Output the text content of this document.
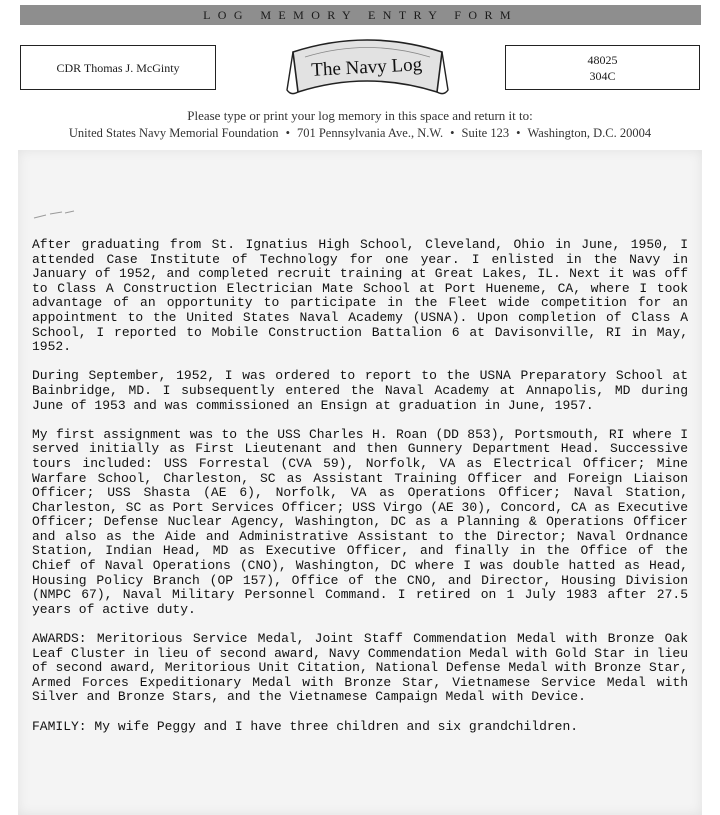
LOG MEMORY ENTRY FORM
CDR Thomas J. McGinty	The Navy Log	48025
304C
Please type or print your log memory in this space and return it to:
United States Navy Memorial Foundation • 701 Pennsylvania Ave., N.W. • Suite 123 • Washington, D.C. 20004

After graduating from St. Ignatius High School, Cleveland, Ohio in June, 1950, I attended Case Institute of Technology for one year. I enlisted in the Navy in January of 1952, and completed recruit training at Great Lakes, IL. Next it was off to Class A Construction Electrician Mate School at Port Hueneme, CA, where I took advantage of an opportunity to participate in the Fleet wide competition for an appointment to the United States Naval Academy (USNA). Upon completion of Class A School, I reported to Mobile Construction Battalion 6 at Davisonville, RI in May, 1952.

During September, 1952, I was ordered to report to the USNA Preparatory School at Bainbridge, MD. I subsequently entered the Naval Academy at Annapolis, MD during June of 1953 and was commissioned an Ensign at graduation in June, 1957.

My first assignment was to the USS Charles H. Roan (DD 853), Portsmouth, RI where I served initially as First Lieutenant and then Gunnery Department Head. Successive tours included: USS Forrestal (CVA 59), Norfolk, VA as Electrical Officer; Mine Warfare School, Charleston, SC as Assistant Training Officer and Foreign Liaison Officer; USS Shasta (AE 6), Norfolk, VA as Operations Officer; Naval Station, Charleston, SC as Port Services Officer; USS Virgo (AE 30), Concord, CA as Executive Officer; Defense Nuclear Agency, Washington, DC as a Planning & Operations Officer and also as the Aide and Administrative Assistant to the Director; Naval Ordnance Station, Indian Head, MD as Executive Officer, and finally in the Office of the Chief of Naval Operations (CNO), Washington, DC where I was double hatted as Head, Housing Policy Branch (OP 157), Office of the CNO, and Director, Housing Division (NMPC 67), Naval Military Personnel Command. I retired on 1 July 1983 after 27.5 years of active duty.

AWARDS: Meritorious Service Medal, Joint Staff Commendation Medal with Bronze Oak Leaf Cluster in lieu of second award, Navy Commendation Medal with Gold Star in lieu of second award, Meritorious Unit Citation, National Defense Medal with Bronze Star, Armed Forces Expeditionary Medal with Bronze Star, Vietnamese Service Medal with Silver and Bronze Stars, and the Vietnamese Campaign Medal with Device.

FAMILY: My wife Peggy and I have three children and six grandchildren.
